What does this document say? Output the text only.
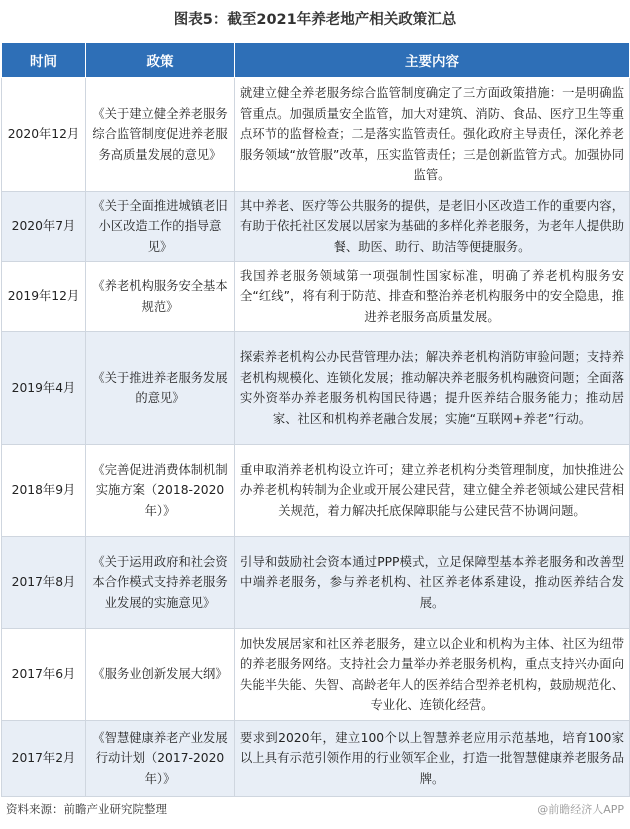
图表5：截至2021年养老地产相关政策汇总
时间	政策	主要内容
2020年12月	《关于建立健全养老服务综合监管制度促进养老服务高质量发展的意见》	就建立健全养老服务综合监管制度确定了三方面政策措施：一是明确监管重点。加强质量安全监管，加大对建筑、消防、食品、医疗卫生等重点环节的监督检查；二是落实监管责任。强化政府主导责任，深化养老服务领域“放管服”改革，压实监管责任；三是创新监管方式。加强协同监管。
2020年7月	《关于全面推进城镇老旧小区改造工作的指导意见》	其中养老、医疗等公共服务的提供，是老旧小区改造工作的重要内容，有助于依托社区发展以居家为基础的多样化养老服务，为老年人提供助餐、助医、助行、助洁等便捷服务。
2019年12月	《养老机构服务安全基本规范》	我国养老服务领域第一项强制性国家标准，明确了养老机构服务安全“红线”，将有利于防范、排查和整治养老机构服务中的安全隐患，推进养老服务高质量发展。
2019年4月	《关于推进养老服务发展的意见》	探索养老机构公办民营管理办法；解决养老机构消防审验问题；支持养老机构规模化、连锁化发展；推动解决养老服务机构融资问题；全面落实外资举办养老服务机构国民待遇；提升医养结合服务能力；推动居家、社区和机构养老融合发展；实施“互联网+养老”行动。
2018年9月	《完善促进消费体制机制实施方案（2018-2020年）》	重申取消养老机构设立许可；建立养老机构分类管理制度，加快推进公办养老机构转制为企业或开展公建民营，建立健全养老领域公建民营相关规范，着力解决托底保障职能与公建民营不协调问题。
2017年8月	《关于运用政府和社会资本合作模式支持养老服务业发展的实施意见》	引导和鼓励社会资本通过PPP模式，立足保障型基本养老服务和改善型中端养老服务，参与养老机构、社区养老体系建设，推动医养结合发展。
2017年6月	《服务业创新发展大纲》	加快发展居家和社区养老服务，建立以企业和机构为主体、社区为纽带的养老服务网络。支持社会力量举办养老服务机构，重点支持兴办面向失能半失能、失智、高龄老年人的医养结合型养老机构，鼓励规范化、专业化、连锁化经营。
2017年2月	《智慧健康养老产业发展行动计划（2017-2020年）》	要求到2020年，建立100个以上智慧养老应用示范基地，培育100家以上具有示范引领作用的行业领军企业，打造一批智慧健康养老服务品牌。
资料来源：前瞻产业研究院整理	@前瞻经济人APP
